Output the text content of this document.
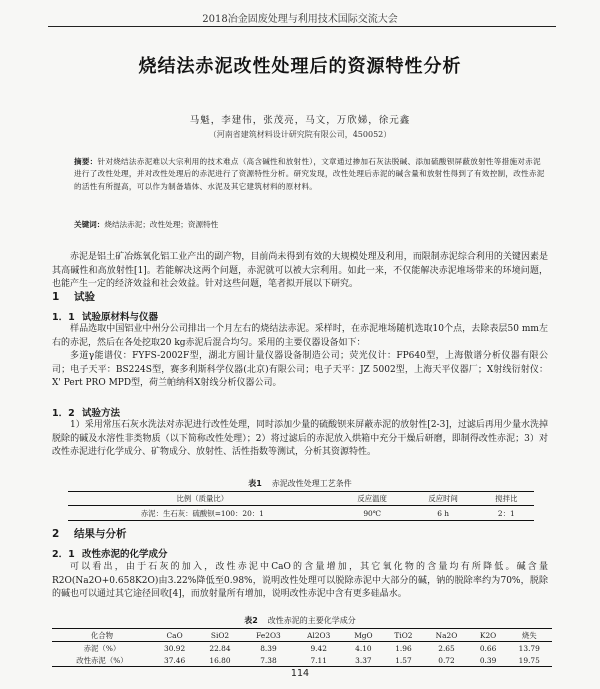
2018冶金固废处理与利用技术国际交流大会
烧结法赤泥改性处理后的资源特性分析
马魁，李建伟，张茂亮，马文，万欣娣，徐元鑫
（河南省建筑材料设计研究院有限公司，450052）

摘要：针对烧结法赤泥难以大宗利用的技术难点（高含碱性和放射性），文章通过掺加石灰法脱碱、添加硫酸钡屏蔽放射性等措施对赤泥进行了改性处理，并对改性处理后的赤泥进行了资源特性分析。研究发现，改性处理后赤泥的碱含量和放射性得到了有效控制，改性赤泥的活性有所提高，可以作为制备墙体、水泥及其它建筑材料的原材料。

关键词：烧结法赤泥；改性处理；资源特性

赤泥是铝土矿冶炼氧化铝工业产出的副产物，目前尚未得到有效的大规模处理及利用，而限制赤泥综合利用的关键因素是其高碱性和高放射性[1]。若能解决这两个问题，赤泥就可以被大宗利用。如此一来，不仅能解决赤泥堆场带来的环境问题，也能产生一定的经济效益和社会效益。针对这些问题，笔者拟开展以下研究。

1 试验
1．1 试验原材料与仪器

样品选取中国铝业中州分公司排出一个月左右的烧结法赤泥。采样时，在赤泥堆场随机选取10个点，去除表层50 mm左右的赤泥，然后在各处挖取20 kg赤泥后混合均匀。采用的主要仪器设备如下：

多道γ能谱仪：FYFS-2002F型，湖北方圆计量仪器设备制造公司；荧光仪计：FP640型，上海傲谱分析仪器有限公司；电子天平：BS224S型，赛多利斯科学仪器(北京)有限公司；电子天平：JZ 5002型，上海天平仪器厂；X射线衍射仪：X' Pert PRO MPD型，荷兰帕纳科X射线分析仪器公司。

1．2 试验方法

1）采用常压石灰水洗法对赤泥进行改性处理，同时添加少量的硫酸钡来屏蔽赤泥的放射性[2-3]，过滤后再用少量水洗掉脱除的碱及水溶性非类物质（以下简称改性处理）；2）将过滤后的赤泥放入烘箱中充分干燥后研磨，即制得改性赤泥；3）对改性赤泥进行化学成分、矿物成分、放射性、活性指数等测试，分析其资源特性。

表1 赤泥改性处理工艺条件
比例（质量比）	反应温度	反应时间	搅拌比
赤泥：生石灰：硫酸钡=100：20：1	90℃	6 h	2：1
2 结果与分析
2．1 改性赤泥的化学成分

可以看出，由于石灰的加入，改性赤泥中CaO的含量增加，其它氧化物的含量均有所降低。碱含量R2O(Na2O+0.658K2O)由3.22%降低至0.98%，说明改性处理可以脱除赤泥中大部分的碱，钠的脱除率约为70%，脱除的碱也可以通过其它途径回收[4]，而放射量所有增加，说明改性赤泥中含有更多硅晶水。

表2 改性赤泥的主要化学成分
化合物	CaO	SiO2	Fe2O3	Al2O3	MgO	TiO2	Na2O	K2O	烧失
赤泥（%）	30.92	22.84	8.39	9.42	4.10	1.96	2.65	0.66	13.79
改性赤泥（%）	37.46	16.80	7.38	7.11	3.37	1.57	0.72	0.39	19.75
114
